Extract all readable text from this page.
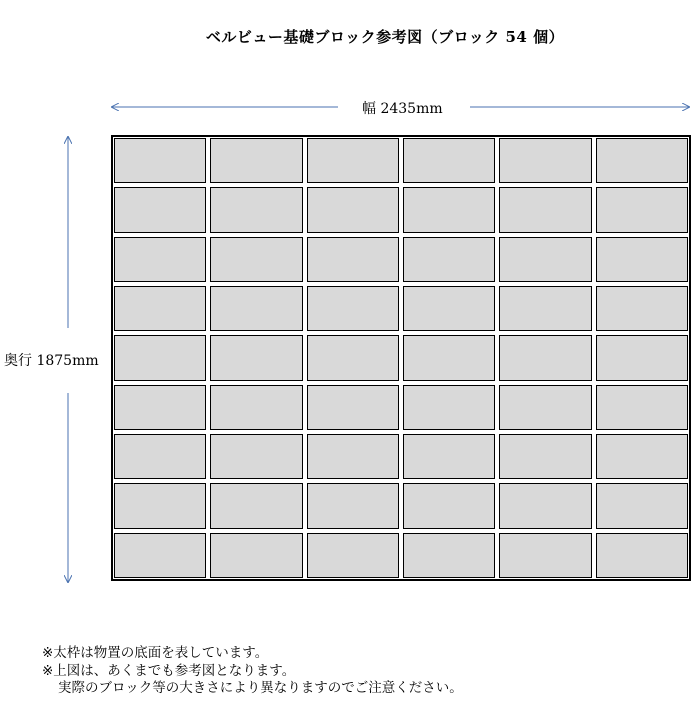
ベルビュー基礎ブロック参考図（ブロック 54 個）
幅 2435mm
奥行 1875mm
※太枠は物置の底面を表しています。
※上図は、あくまでも参考図となります。
実際のブロック等の大きさにより異なりますのでご注意ください。
